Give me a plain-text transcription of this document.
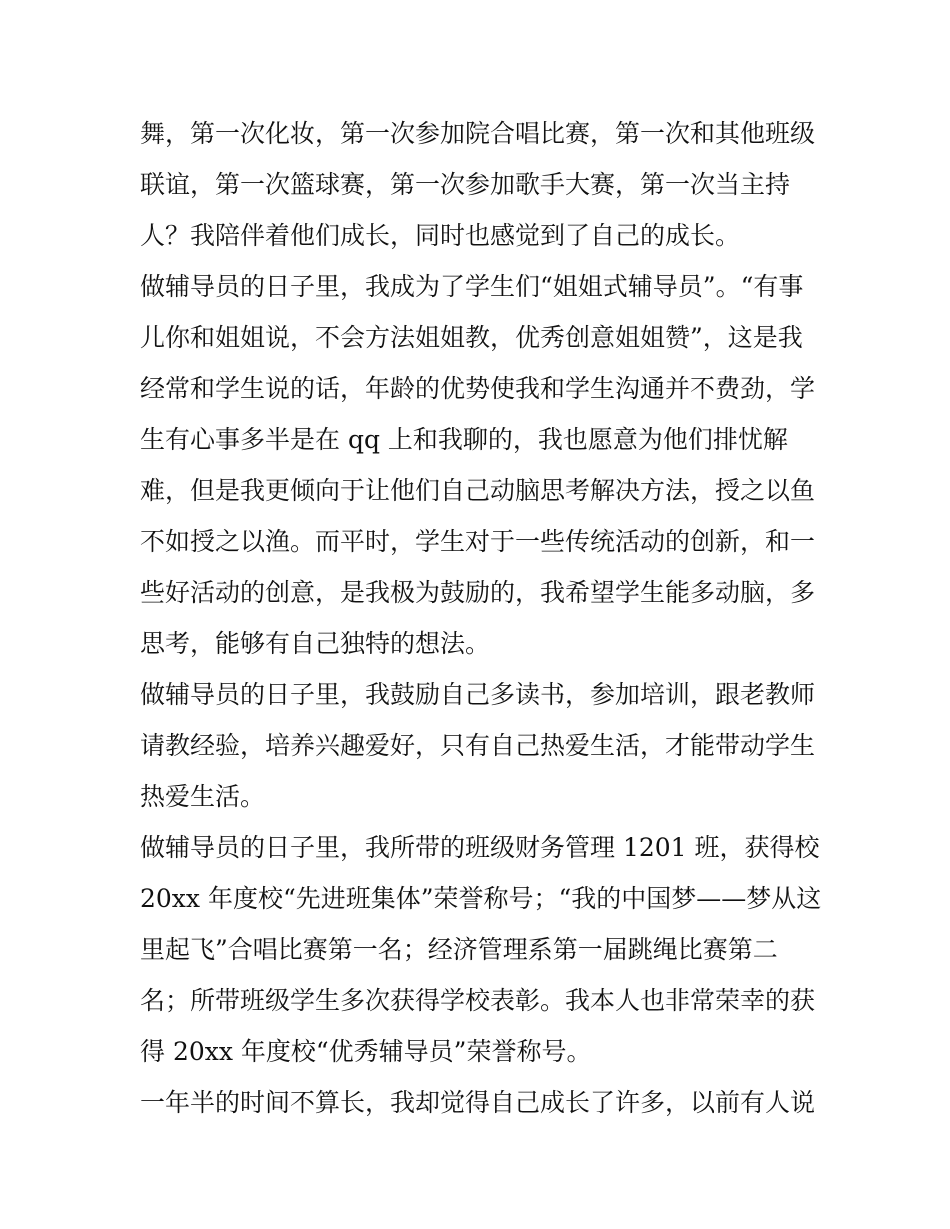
舞，第一次化妆，第一次参加院合唱比赛，第一次和其他班级
联谊，第一次篮球赛，第一次参加歌手大赛，第一次当主持
人？我陪伴着他们成长，同时也感觉到了自己的成长。
做辅导员的日子里，我成为了学生们“姐姐式辅导员”。“有事
儿你和姐姐说，不会方法姐姐教，优秀创意姐姐赞”，这是我
经常和学生说的话，年龄的优势使我和学生沟通并不费劲，学
生有心事多半是在 qq 上和我聊的，我也愿意为他们排忧解
难，但是我更倾向于让他们自己动脑思考解决方法，授之以鱼
不如授之以渔。而平时，学生对于一些传统活动的创新，和一
些好活动的创意，是我极为鼓励的，我希望学生能多动脑，多
思考，能够有自己独特的想法。
做辅导员的日子里，我鼓励自己多读书，参加培训，跟老教师
请教经验，培养兴趣爱好，只有自己热爱生活，才能带动学生
热爱生活。
做辅导员的日子里，我所带的班级财务管理 1201 班，获得校
20xx 年度校“先进班集体”荣誉称号；“我的中国梦——梦从这
里起飞”合唱比赛第一名；经济管理系第一届跳绳比赛第二
名；所带班级学生多次获得学校表彰。我本人也非常荣幸的获
得 20xx 年度校“优秀辅导员”荣誉称号。
一年半的时间不算长，我却觉得自己成长了许多，以前有人说
